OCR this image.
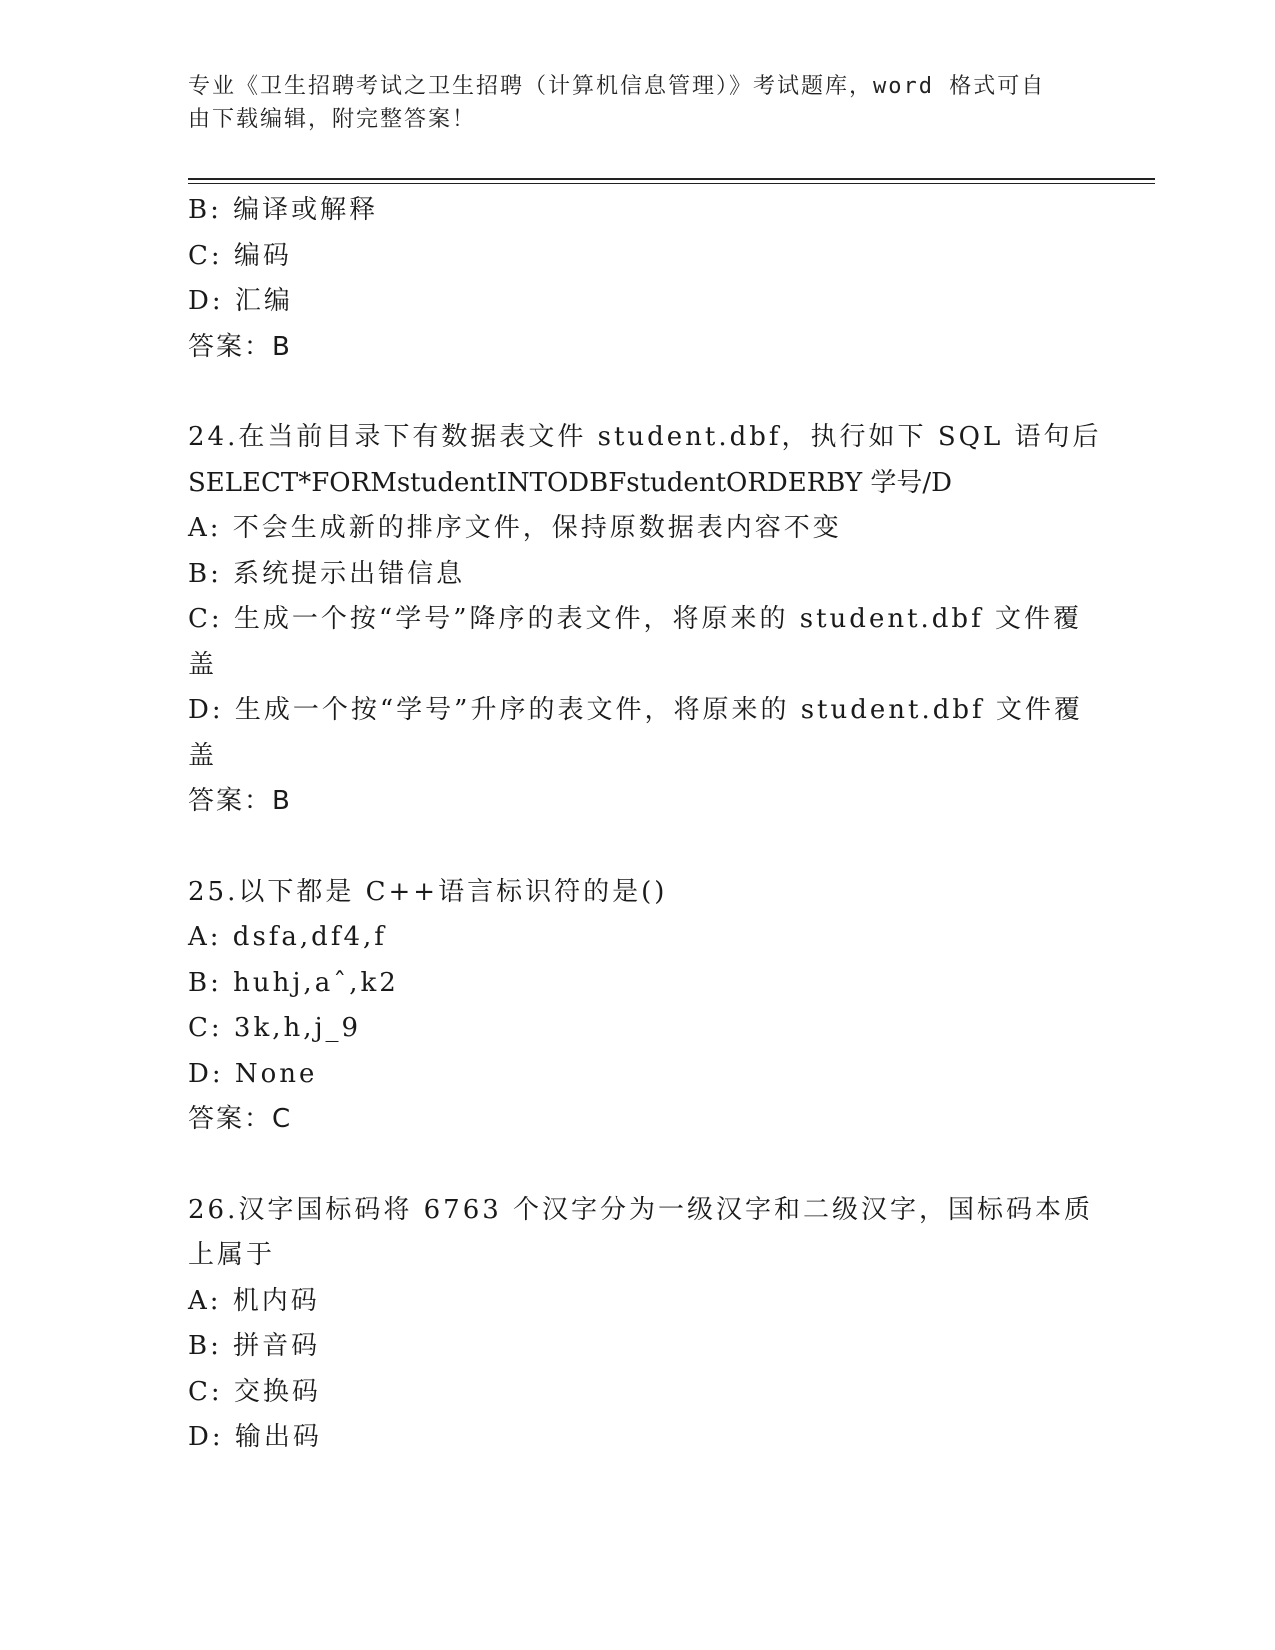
专业《卫生招聘考试之卫生招聘（计算机信息管理）》考试题库，word 格式可自
由下载编辑，附完整答案！
B: 编译或解释
C: 编码
D: 汇编
答案：B
24.在当前目录下有数据表文件 student.dbf，执行如下 SQL 语句后
SELECT*FORMstudentINTODBFstudentORDERBY 学号/D
A: 不会生成新的排序文件，保持原数据表内容不变
B: 系统提示出错信息
C: 生成一个按“学号”降序的表文件，将原来的 student.dbf 文件覆
盖
D: 生成一个按“学号”升序的表文件，将原来的 student.dbf 文件覆
盖
答案：B
25.以下都是 C++语言标识符的是()
A: dsfa,df4,f
B: huhj,aˆ,k2
C: 3k,h,j_9
D: None
答案：C
26.汉字国标码将 6763 个汉字分为一级汉字和二级汉字，国标码本质
上属于
A: 机内码
B: 拼音码
C: 交换码
D: 输出码
